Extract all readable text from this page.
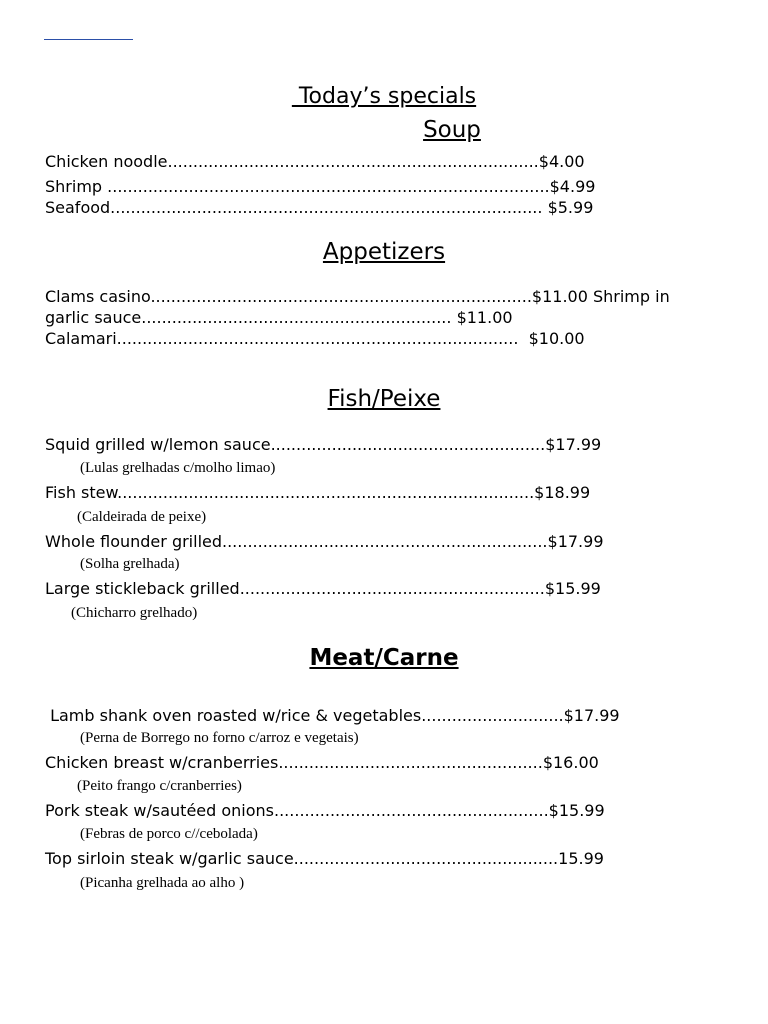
Today’s specials
Soup
Chicken noodle.........................................................................$4.00
Shrimp .......................................................................................$4.99
Seafood..................................................................................... $5.99
Appetizers
Clams casino...........................................................................$11.00 Shrimp in
garlic sauce............................................................. $11.00
Calamari...............................................................................  $10.00
Fish/Peixe
Squid grilled w/lemon sauce......................................................$17.99
(Lulas grelhadas c/molho limao)
Fish stew..................................................................................$18.99
(Caldeirada de peixe)
Whole flounder grilled................................................................$17.99
(Solha grelhada)
Large stickleback grilled............................................................$15.99
(Chicharro grelhado)
Meat/Carne
Lamb shank oven roasted w/rice & vegetables............................$17.99
(Perna de Borrego no forno c/arroz e vegetais)
Chicken breast w/cranberries....................................................$16.00
(Peito frango c/cranberries)
Pork steak w/sautéed onions......................................................$15.99
(Febras de porco c//cebolada)
Top sirloin steak w/garlic sauce....................................................15.99
(Picanha grelhada ao alho )
